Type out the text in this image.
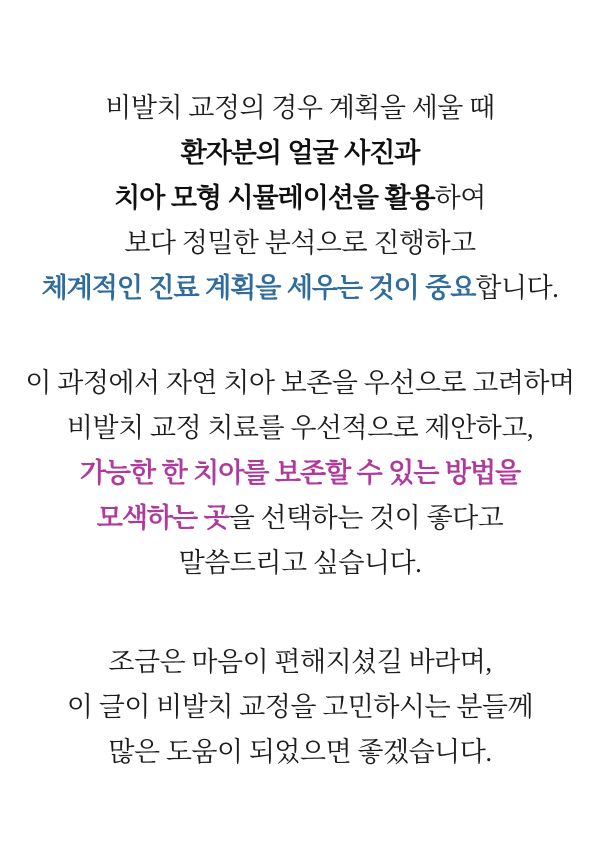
비발치 교정의 경우 계획을 세울 때
환자분의 얼굴 사진과
치아 모형 시뮬레이션을 활용하여
보다 정밀한 분석으로 진행하고
체계적인 진료 계획을 세우는 것이 중요합니다.

이 과정에서 자연 치아 보존을 우선으로 고려하며
비발치 교정 치료를 우선적으로 제안하고,
가능한 한 치아를 보존할 수 있는 방법을
모색하는 곳을 선택하는 것이 좋다고
말씀드리고 싶습니다.

조금은 마음이 편해지셨길 바라며,
이 글이 비발치 교정을 고민하시는 분들께
많은 도움이 되었으면 좋겠습니다.
